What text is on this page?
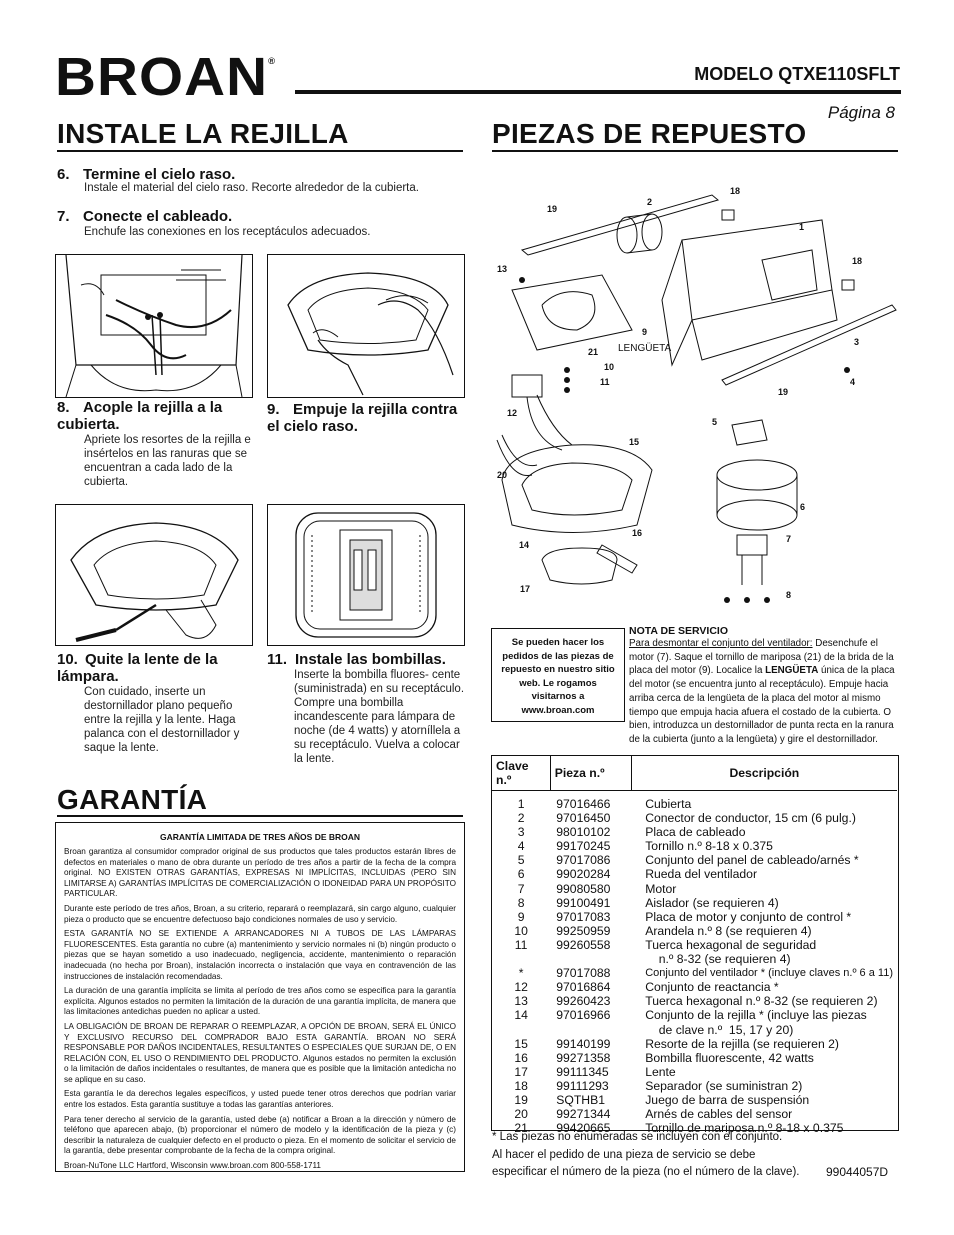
BROAN®
MODELO QTXE110SFLT
Página 8
INSTALE LA REJILLA
6. Termine el cielo raso.
Instale el material del cielo raso. Recorte alrededor de la cubierta.
7. Conecte el cableado.
Enchufe las conexiones en los receptáculos adecuados.
8. Acople la rejilla a la cubierta.
Apriete los resortes de la rejilla e insértelos en las ranuras que se encuentran a cada lado de la cubierta.
9. Empuje la rejilla contra el cielo raso.
10. Quite la lente de la lámpara.
Con cuidado, inserte un destornillador plano pequeño entre la rejilla y la lente. Haga palanca con el destornillador y saque la lente.
11. Instale las bombillas.
Inserte la bombilla fluores- cente (suministrada) en su receptáculo. Compre una bombilla incandescente para lámpara de noche (de 4 watts) y atorníllela a su receptáculo. Vuelva a colocar la lente.
GARANTÍA
GARANTÍA LIMITADA DE TRES AÑOS DE BROAN

Broan garantiza al consumidor comprador original de sus productos que tales productos estarán libres de defectos en materiales o mano de obra durante un período de tres años a partir de la fecha de la compra original. NO EXISTEN OTRAS GARANTÍAS, EXPRESAS NI IMPLÍCITAS, INCLUIDAS (PERO SIN LIMITARSE A) GARANTÍAS IMPLÍCITAS DE COMERCIALIZACIÓN O IDONEIDAD PARA UN PROPÓSITO PARTICULAR.

Durante este período de tres años, Broan, a su criterio, reparará o reemplazará, sin cargo alguno, cualquier pieza o producto que se encuentre defectuoso bajo condiciones normales de uso y servicio.

ESTA GARANTÍA NO SE EXTIENDE A ARRANCADORES NI A TUBOS DE LAS LÁMPARAS FLUORESCENTES. Esta garantía no cubre (a) mantenimiento y servicio normales ni (b) ningún producto o piezas que se hayan sometido a uso inadecuado, negligencia, accidente, mantenimiento o reparación inadecuada (no hecha por Broan), instalación incorrecta o instalación que vaya en contravención de las instrucciones de instalación recomendadas.

La duración de una garantía implícita se limita al período de tres años como se especifica para la garantía explícita. Algunos estados no permiten la limitación de la duración de una garantía implícita, de manera que las limitaciones antedichas pueden no aplicar a usted.

LA OBLIGACIÓN DE BROAN DE REPARAR O REEMPLAZAR, A OPCIÓN DE BROAN, SERÁ EL ÚNICO Y EXCLUSIVO RECURSO DEL COMPRADOR BAJO ESTA GARANTÍA. BROAN NO SERÁ RESPONSABLE POR DAÑOS INCIDENTALES, RESULTANTES O ESPECIALES QUE SURJAN DE, O EN RELACIÓN CON, EL USO O RENDIMIENTO DEL PRODUCTO. Algunos estados no permiten la exclusión o la limitación de daños incidentales o resultantes, de manera que es posible que la limitación antedicha no se aplique en su caso.

Esta garantía le da derechos legales específicos, y usted puede tener otros derechos que podrían variar entre los estados. Esta garantía sustituye a todas las garantías anteriores.

Para tener derecho al servicio de la garantía, usted debe (a) notificar a Broan a la dirección y número de teléfono que aparecen abajo, (b) proporcionar el número de modelo y la identificación de la pieza y (c) describir la naturaleza de cualquier defecto en el producto o pieza. En el momento de solicitar el servicio de la garantía, debe presentar comprobante de la fecha de la compra original.

Broan-NuTone LLC Hartford, Wisconsin www.broan.com 800-558-1711

PIEZAS DE REPUESTO
1
2
3
4
5
6
7
8
9
10
11
12
13
14
15
16
17
18
18
19
19
20
21 LENGÜETA
Se pueden hacer los pedidos de las piezas de repuesto en nuestro sitio web. Le rogamos visitarnos a www.broan.com
NOTA DE SERVICIO
Para desmontar el conjunto del ventilador: Desenchufe el motor (7). Saque el tornillo de mariposa (21) de la brida de la placa del motor (9). Localice la LENGÜETA única de la placa del motor (se encuentra junto al receptáculo). Empuje hacia arriba cerca de la lengüeta de la placa del motor al mismo tiempo que empuja hacia afuera el costado de la cubierta. O bien, introduzca un destornillador de punta recta en la ranura de la cubierta (junto a la lengüeta) y gire el destornillador.
Clave n.º	Pieza n.º	Descripción
1	97016466	Cubierta
2	97016450	Conector de conductor, 15 cm (6 pulg.)
3	98010102	Placa de cableado
4	99170245	Tornillo n.º 8-18 x 0.375
5	97017086	Conjunto del panel de cableado/arnés *
6	99020284	Rueda del ventilador
7	99080580	Motor
8	99100491	Aislador (se requieren 4)
9	97017083	Placa de motor y conjunto de control *
10	99250959	Arandela n.º 8 (se requieren 4)
11	99260558	Tuerca hexagonal de seguridad
		n.º 8-32 (se requieren 4)
*	97017088	Conjunto del ventilador * (incluye claves n.º 6 a 11)
12	97016864	Conjunto de reactancia *
13	99260423	Tuerca hexagonal n.º 8-32 (se requieren 2)
14	97016966	Conjunto de la rejilla * (incluye las piezas
		de clave n.º  15, 17 y 20)
15	99140199	Resorte de la rejilla (se requieren 2)
16	99271358	Bombilla fluorescente, 42 watts
17	99111345	Lente
18	99111293	Separador (se suministran 2)
19	SQTHB1	Juego de barra de suspensión
20	99271344	Arnés de cables del sensor
21	99420665	Tornillo de mariposa n.º 8-18 x 0.375
* Las piezas no enumeradas se incluyen con el conjunto.
Al hacer el pedido de una pieza de servicio se debe
especificar el número de la pieza (no el número de la clave). 99044057D
